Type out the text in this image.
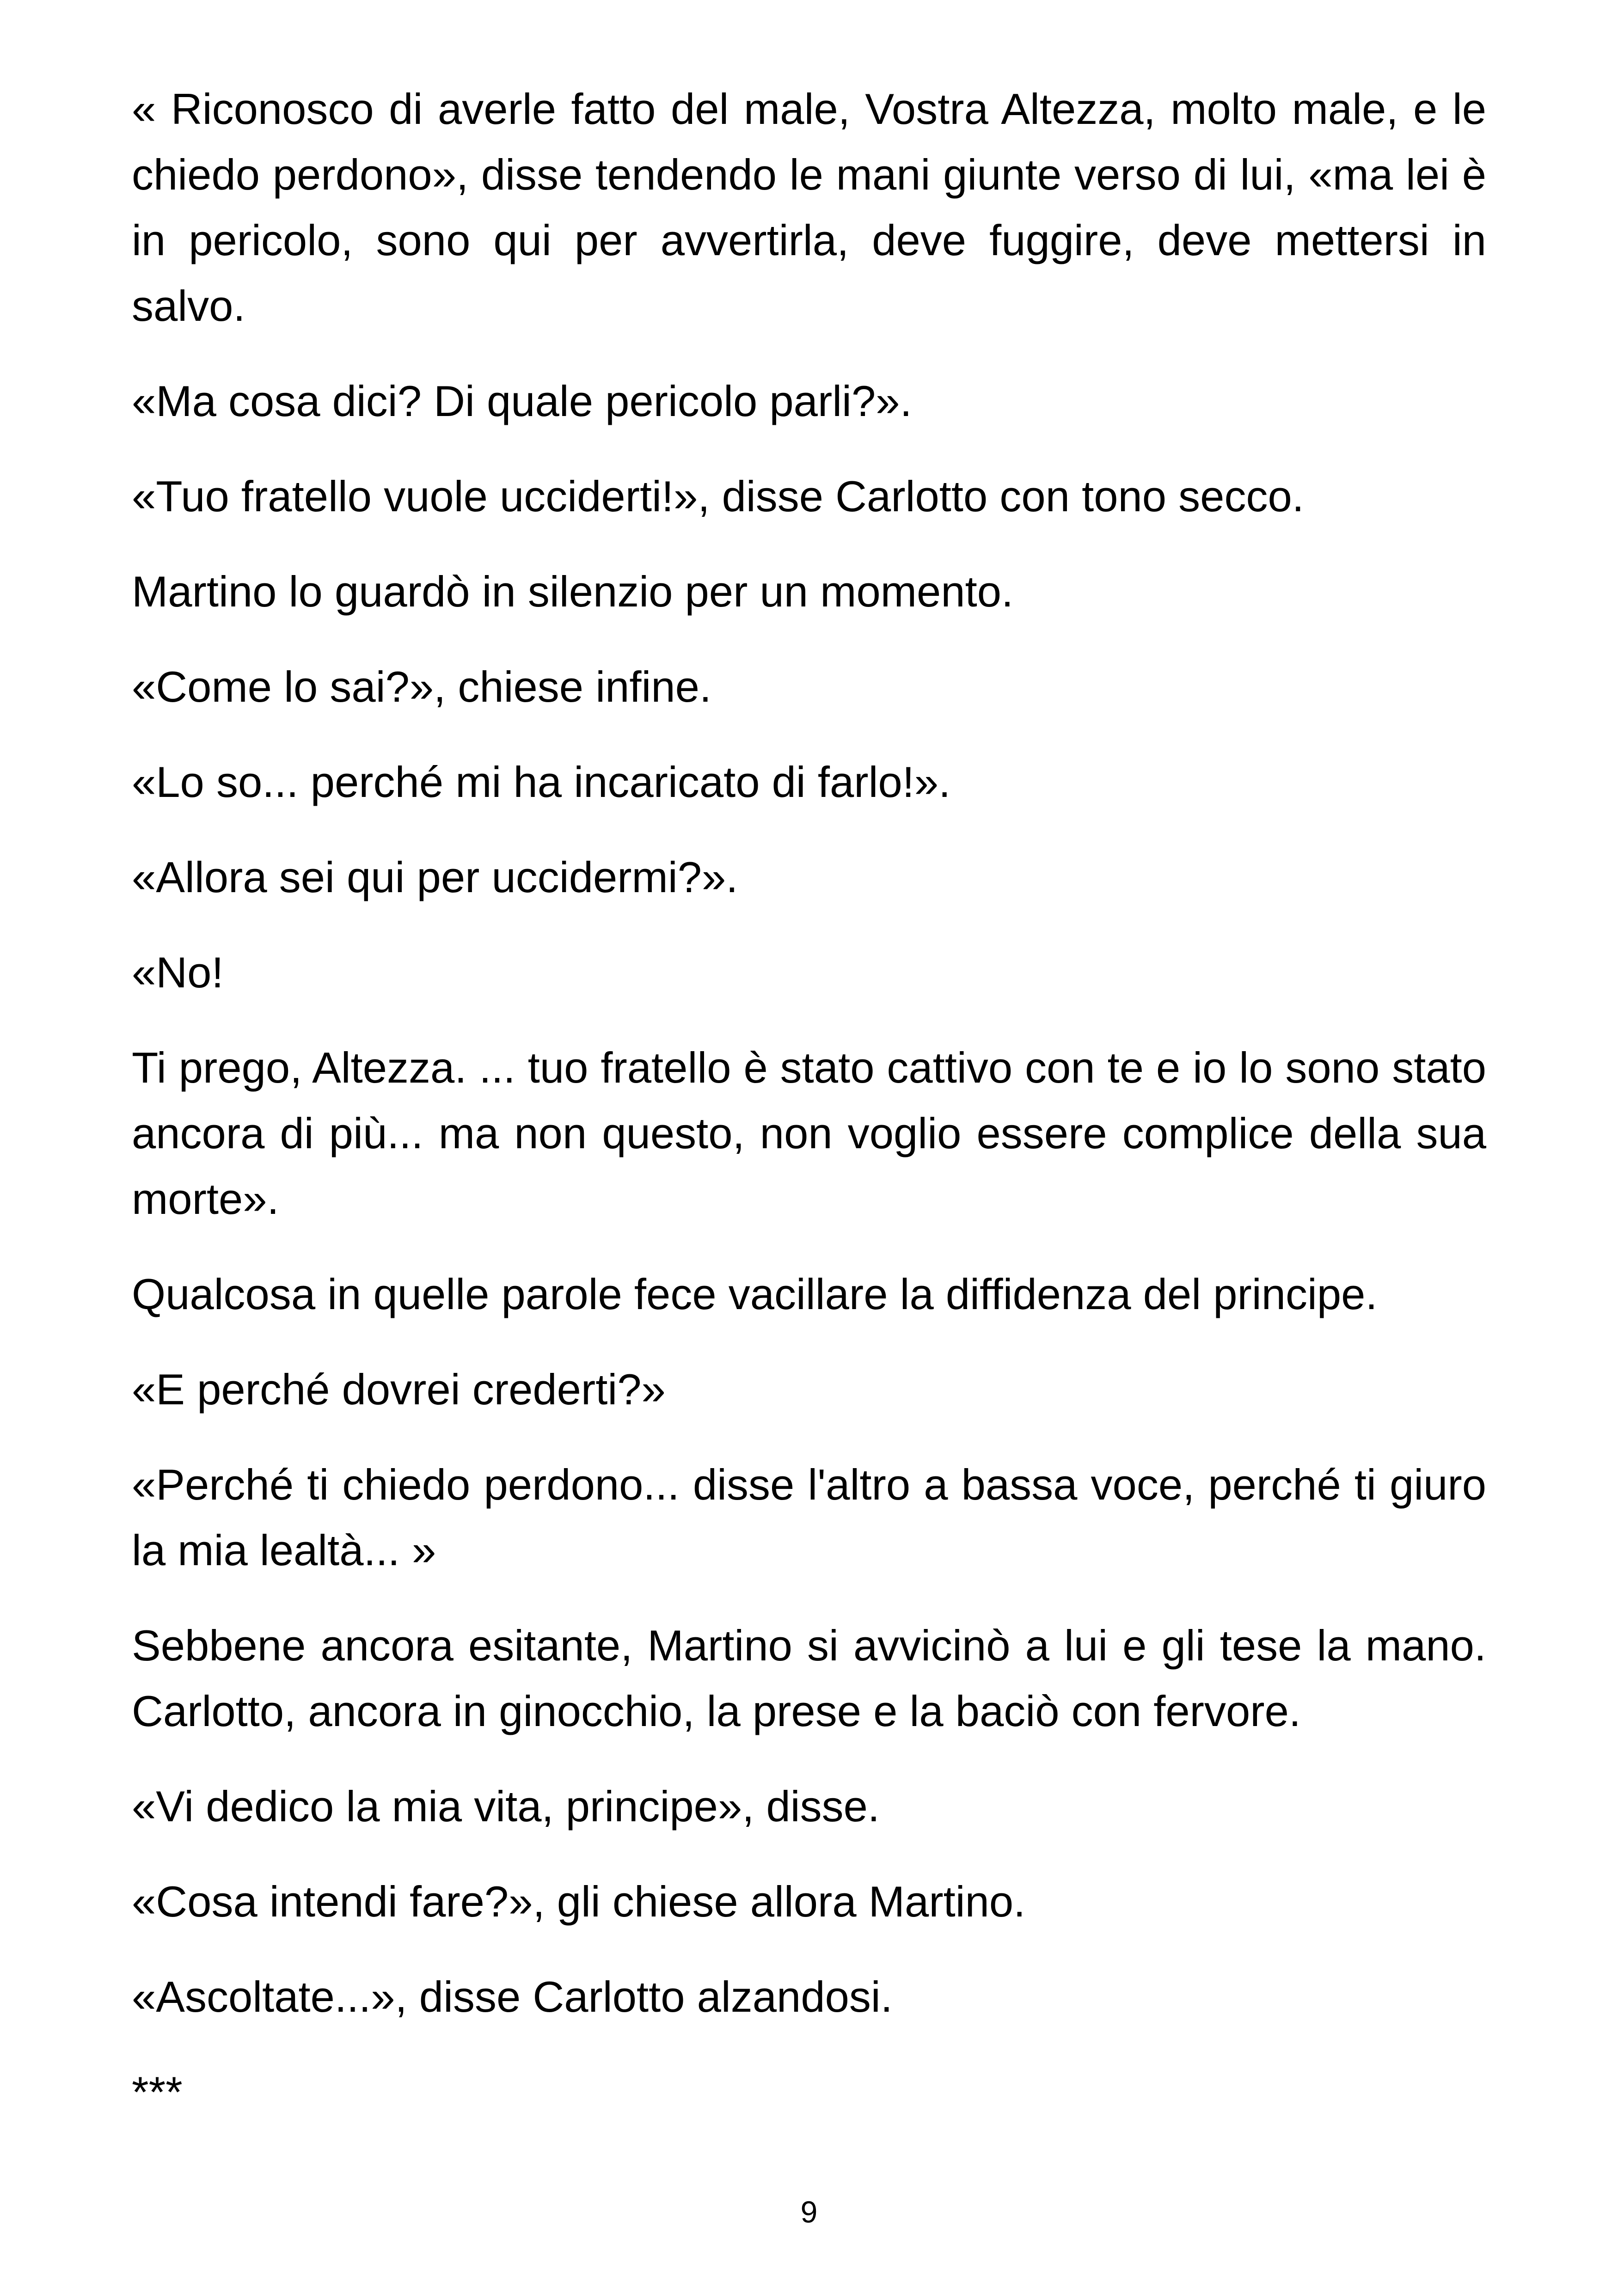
« Riconosco di averle fatto del male, Vostra Altezza, molto male, e le chiedo perdono», disse tendendo le mani giunte verso di lui, «ma lei è in pericolo, sono qui per avvertirla, deve fuggire, deve mettersi in salvo.

«Ma cosa dici? Di quale pericolo parli?».

«Tuo fratello vuole ucciderti!», disse Carlotto con tono secco.

Martino lo guardò in silenzio per un momento.

«Come lo sai?», chiese infine.

«Lo so... perché mi ha incaricato di farlo!».

«Allora sei qui per uccidermi?».

«No!

Ti prego, Altezza. ... tuo fratello è stato cattivo con te e io lo sono stato ancora di più... ma non questo, non voglio essere complice della sua morte».

Qualcosa in quelle parole fece vacillare la diffidenza del principe.

«E perché dovrei crederti?»

«Perché ti chiedo perdono... disse l'altro a bassa voce, perché ti giuro la mia lealtà... »

Sebbene ancora esitante, Martino si avvicinò a lui e gli tese la mano. Carlotto, ancora in ginocchio, la prese e la baciò con fervore.

«Vi dedico la mia vita, principe», disse.

«Cosa intendi fare?», gli chiese allora Martino.

«Ascoltate...», disse Carlotto alzandosi.

***

9
